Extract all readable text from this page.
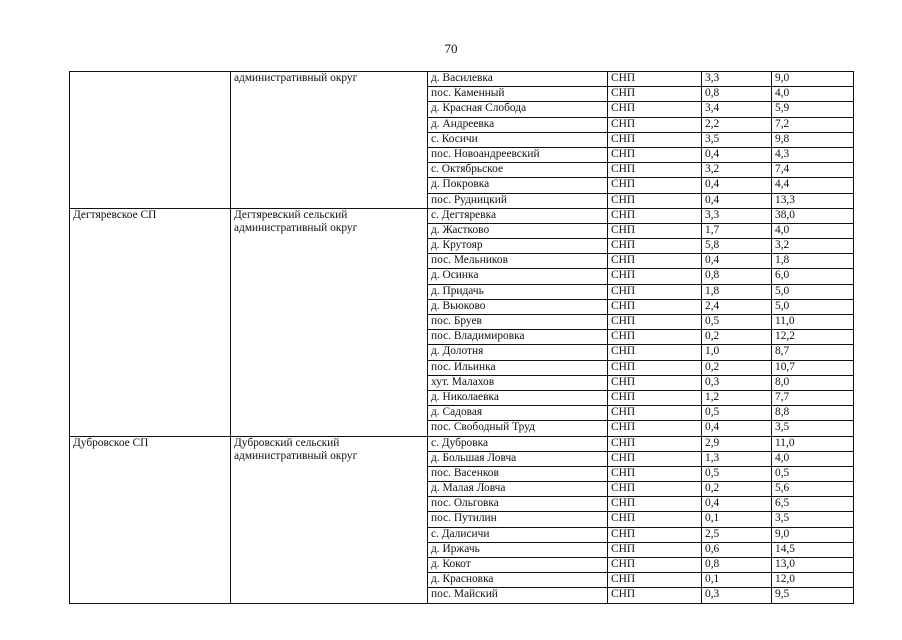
70
	административный округ	д. Василевка	СНП	3,3	9,0
		пос. Каменный	СНП	0,8	4,0
		д. Красная Слобода	СНП	3,4	5,9
		д. Андреевка	СНП	2,2	7,2
		с. Косичи	СНП	3,5	9,8
		пос. Новоандреевский	СНП	0,4	4,3
		с. Октябрьское	СНП	3,2	7,4
		д. Покровка	СНП	0,4	4,4
		пос. Рудницкий	СНП	0,4	13,3
Дегтяревское СП	Дегтяревский сельский административный округ	с. Дегтяревка	СНП	3,3	38,0
		д. Жастково	СНП	1,7	4,0
		д. Крутояр	СНП	5,8	3,2
		пос. Мельников	СНП	0,4	1,8
		д. Осинка	СНП	0,8	6,0
		д. Придачь	СНП	1,8	5,0
		д. Вьюково	СНП	2,4	5,0
		пос. Бруев	СНП	0,5	11,0
		пос. Владимировка	СНП	0,2	12,2
		д. Долотня	СНП	1,0	8,7
		пос. Ильинка	СНП	0,2	10,7
		хут. Малахов	СНП	0,3	8,0
		д. Николаевка	СНП	1,2	7,7
		д. Садовая	СНП	0,5	8,8
		пос. Свободный Труд	СНП	0,4	3,5
Дубровское СП	Дубровский сельский административный округ	с. Дубровка	СНП	2,9	11,0
		д. Большая Ловча	СНП	1,3	4,0
		пос. Васенков	СНП	0,5	0,5
		д. Малая Ловча	СНП	0,2	5,6
		пос. Ольговка	СНП	0,4	6,5
		пос. Путилин	СНП	0,1	3,5
		с. Далисичи	СНП	2,5	9,0
		д. Иржачь	СНП	0,6	14,5
		д. Кокот	СНП	0,8	13,0
		д. Красновка	СНП	0,1	12,0
		пос. Майский	СНП	0,3	9,5
